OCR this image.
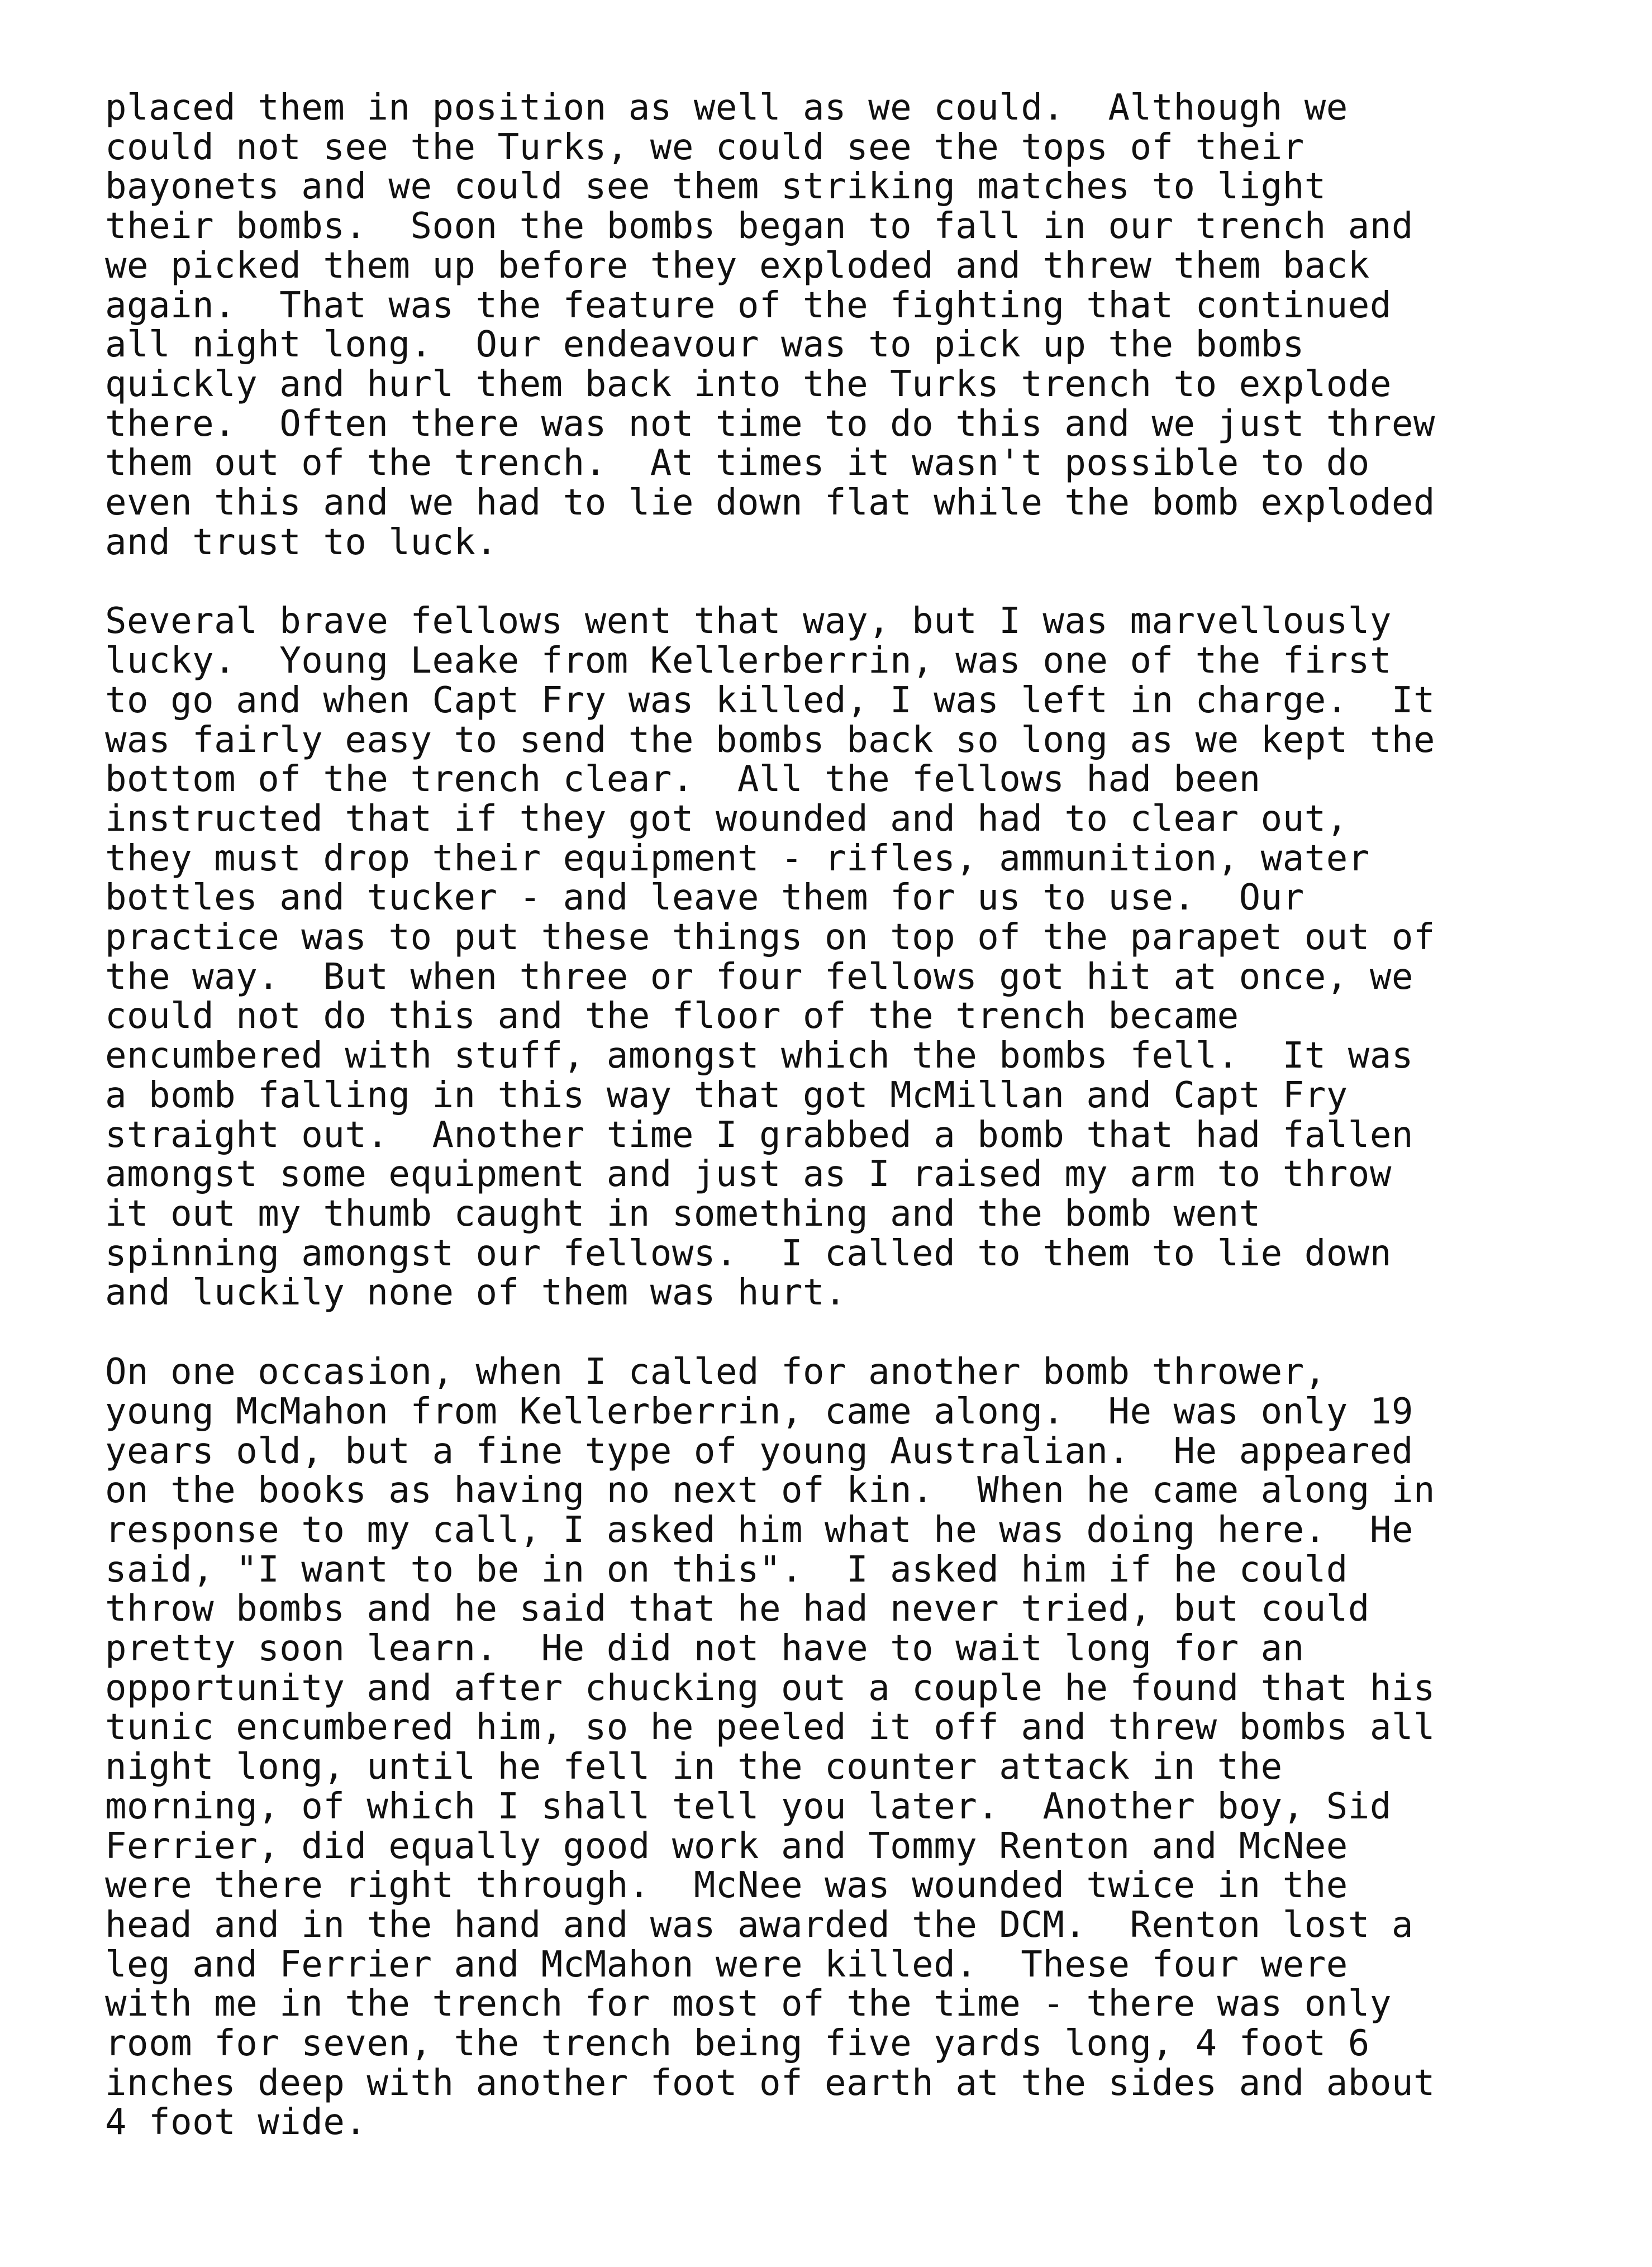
placed them in position as well as we could.  Although we
could not see the Turks, we could see the tops of their
bayonets and we could see them striking matches to light
their bombs.  Soon the bombs began to fall in our trench and
we picked them up before they exploded and threw them back
again.  That was the feature of the fighting that continued
all night long.  Our endeavour was to pick up the bombs
quickly and hurl them back into the Turks trench to explode
there.  Often there was not time to do this and we just threw
them out of the trench.  At times it wasn't possible to do
even this and we had to lie down flat while the bomb exploded
and trust to luck.
Several brave fellows went that way, but I was marvellously
lucky.  Young Leake from Kellerberrin, was one of the first
to go and when Capt Fry was killed, I was left in charge.  It
was fairly easy to send the bombs back so long as we kept the
bottom of the trench clear.  All the fellows had been
instructed that if they got wounded and had to clear out,
they must drop their equipment - rifles, ammunition, water
bottles and tucker - and leave them for us to use.  Our
practice was to put these things on top of the parapet out of
the way.  But when three or four fellows got hit at once, we
could not do this and the floor of the trench became
encumbered with stuff, amongst which the bombs fell.  It was
a bomb falling in this way that got McMillan and Capt Fry
straight out.  Another time I grabbed a bomb that had fallen
amongst some equipment and just as I raised my arm to throw
it out my thumb caught in something and the bomb went
spinning amongst our fellows.  I called to them to lie down
and luckily none of them was hurt.
On one occasion, when I called for another bomb thrower,
young McMahon from Kellerberrin, came along.  He was only 19
years old, but a fine type of young Australian.  He appeared
on the books as having no next of kin.  When he came along in
response to my call, I asked him what he was doing here.  He
said, "I want to be in on this".  I asked him if he could
throw bombs and he said that he had never tried, but could
pretty soon learn.  He did not have to wait long for an
opportunity and after chucking out a couple he found that his
tunic encumbered him, so he peeled it off and threw bombs all
night long, until he fell in the counter attack in the
morning, of which I shall tell you later.  Another boy, Sid
Ferrier, did equally good work and Tommy Renton and McNee
were there right through.  McNee was wounded twice in the
head and in the hand and was awarded the DCM.  Renton lost a
leg and Ferrier and McMahon were killed.  These four were
with me in the trench for most of the time - there was only
room for seven, the trench being five yards long, 4 foot 6
inches deep with another foot of earth at the sides and about
4 foot wide.
